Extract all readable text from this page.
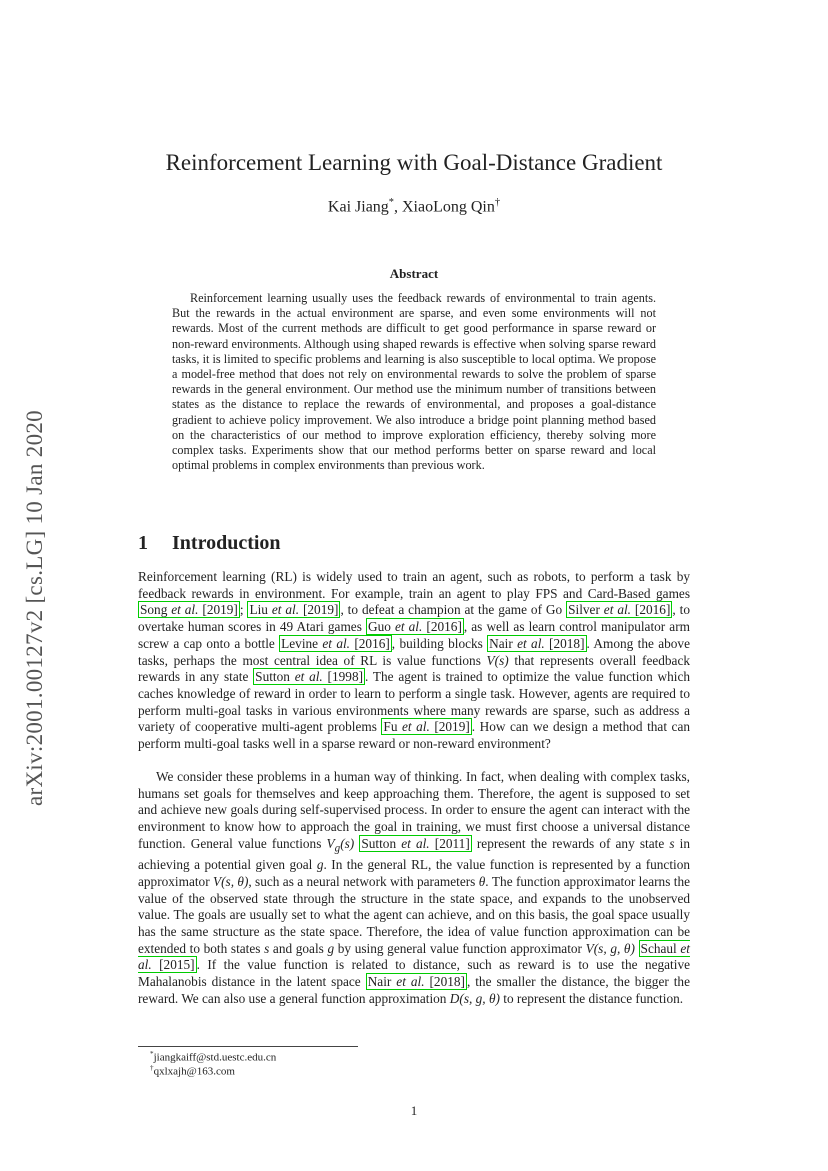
arXiv:2001.00127v2 [cs.LG] 10 Jan 2020
Reinforcement Learning with Goal-Distance Gradient
Kai Jiang*, XiaoLong Qin†
Abstract

Reinforcement learning usually uses the feedback rewards of environmental to train agents. But the rewards in the actual environment are sparse, and even some environments will not rewards. Most of the current methods are difficult to get good performance in sparse reward or non-reward environments. Although using shaped rewards is effective when solving sparse reward tasks, it is limited to specific problems and learning is also susceptible to local optima. We propose a model-free method that does not rely on environmental rewards to solve the problem of sparse rewards in the general environment. Our method use the minimum number of transitions between states as the distance to replace the rewards of environmental, and proposes a goal-distance gradient to achieve policy improvement. We also introduce a bridge point planning method based on the characteristics of our method to improve exploration efficiency, thereby solving more complex tasks. Experiments show that our method performs better on sparse reward and local optimal problems in complex environments than previous work.

1 Introduction

Reinforcement learning (RL) is widely used to train an agent, such as robots, to perform a task by feedback rewards in environment. For example, train an agent to play FPS and Card-Based games Song et al. [2019] ; Liu et al. [2019] , to defeat a champion at the game of Go Silver et al. [2016] , to overtake human scores in 49 Atari games Guo et al. [2016] , as well as learn control manipulator arm screw a cap onto a bottle Levine et al. [2016] , building blocks Nair et al. [2018] . Among the above tasks, perhaps the most central idea of RL is value functions V(s) that represents overall feedback rewards in any state Sutton et al. [1998] . The agent is trained to optimize the value function which caches knowledge of reward in order to learn to perform a single task. However, agents are required to perform multi-goal tasks in various environments where many rewards are sparse, such as address a variety of cooperative multi-agent problems Fu et al. [2019] . How can we design a method that can perform multi-goal tasks well in a sparse reward or non-reward environment?

We consider these problems in a human way of thinking. In fact, when dealing with complex tasks, humans set goals for themselves and keep approaching them. Therefore, the agent is supposed to set and achieve new goals during self-supervised process. In order to ensure the agent can interact with the environment to know how to approach the goal in training, we must first choose a universal distance function. General value functions $V_g(s)$ Sutton et al. [2011] represent the rewards of any state s in achieving a potential given goal g. In the general RL, the value function is represented by a function approximator V(s, θ), such as a neural network with parameters θ. The function approximator learns the value of the observed state through the structure in the state space, and expands to the unobserved value. The goals are usually set to what the agent can achieve, and on this basis, the goal space usually has the same structure as the state space. Therefore, the idea of value function approximation can be extended to both states s and goals g by using general value function approximator V(s, g, θ) Schaul et al. [2015] . If the value function is related to distance, such as reward is to use the negative Mahalanobis distance in the latent space Nair et al. [2018] , the smaller the distance, the bigger the reward. We can also use a general function approximation D(s, g, θ) to represent the distance function.

*jiangkaiff@std.uestc.edu.cn
†qxlxajh@163.com
1
